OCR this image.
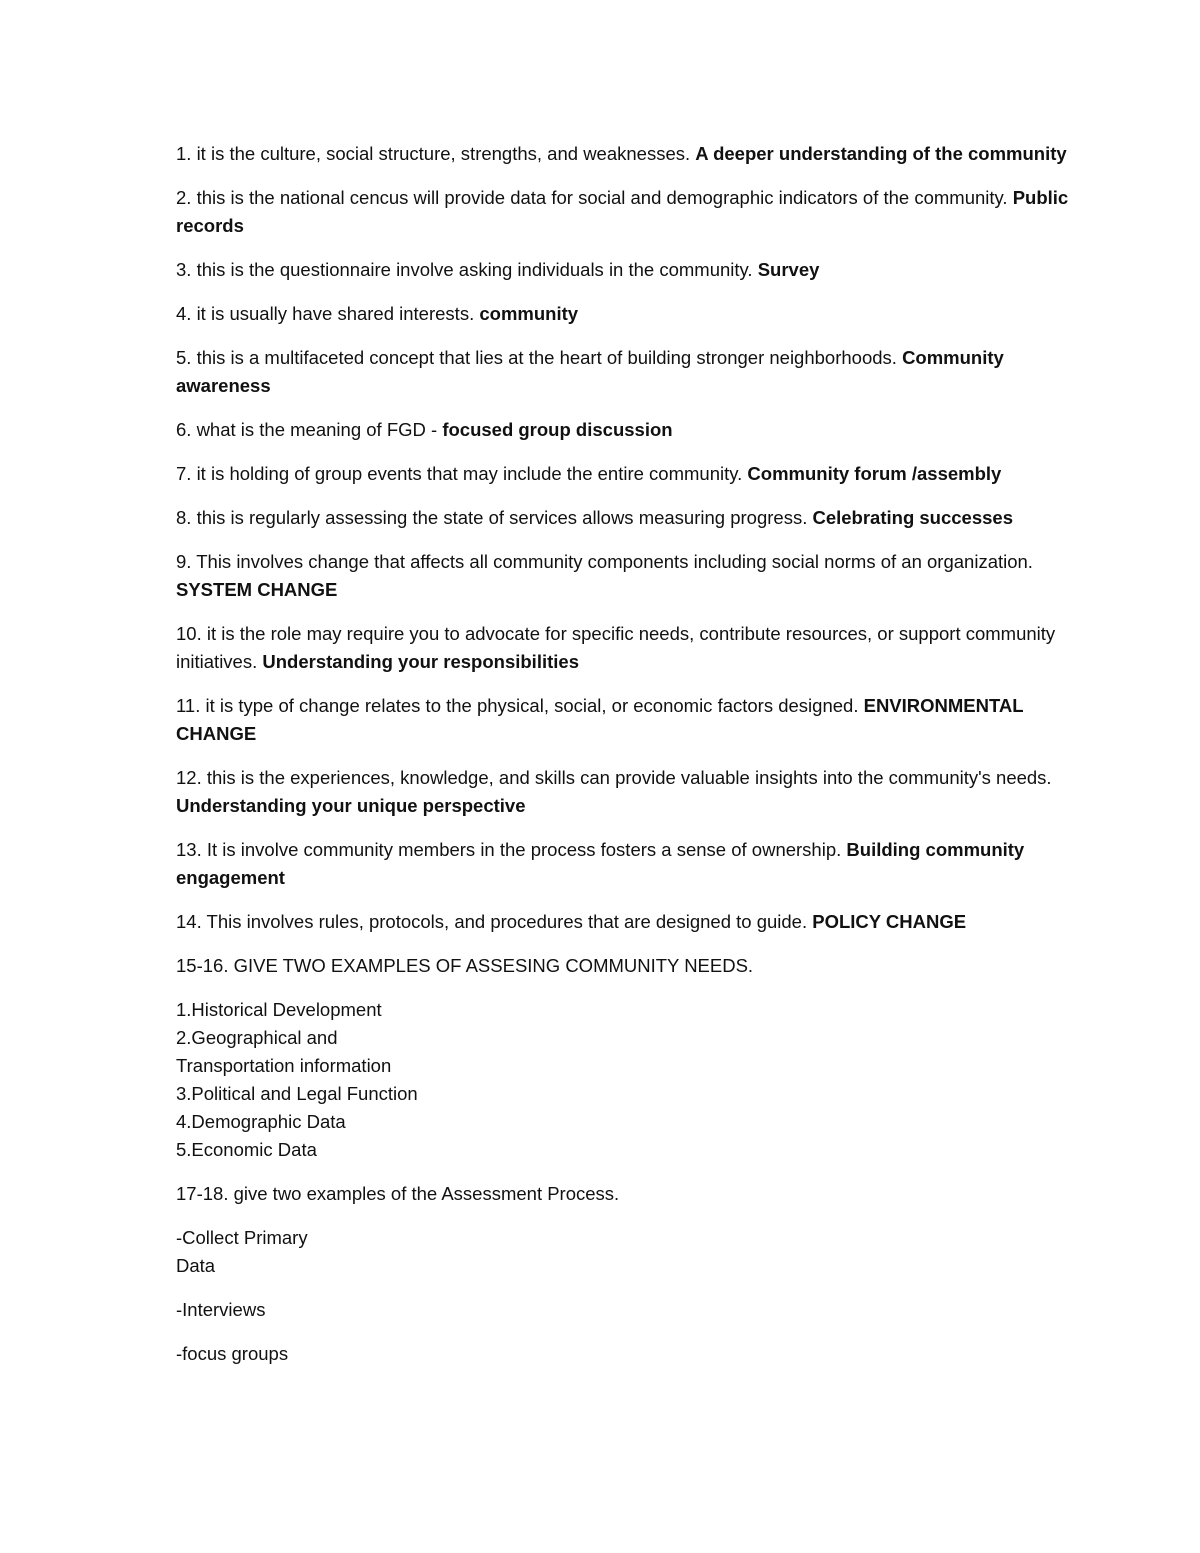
1. it is the culture, social structure, strengths, and weaknesses. A deeper understanding of the community
2. this is the national cencus will provide data for social and demographic indicators of the community. Public records
3. this is the questionnaire involve asking individuals in the community. Survey
4. it is usually have shared interests. community
5. this is a multifaceted concept that lies at the heart of building stronger neighborhoods. Community awareness
6. what is the meaning of FGD - focused group discussion
7. it is holding of group events that may include the entire community. Community forum /assembly
8. this is regularly assessing the state of services allows measuring progress. Celebrating successes
9. This involves change that affects all community components including social norms of an organization. SYSTEM CHANGE
10. it is the role may require you to advocate for specific needs, contribute resources, or support community initiatives. Understanding your responsibilities
11. it is type of change relates to the physical, social, or economic factors designed. ENVIRONMENTAL CHANGE
12. this is the experiences, knowledge, and skills can provide valuable insights into the community's needs. Understanding your unique perspective
13. It is involve community members in the process fosters a sense of ownership. Building community engagement
14. This involves rules, protocols, and procedures that are designed to guide. POLICY CHANGE
15-16. GIVE TWO EXAMPLES OF ASSESING COMMUNITY NEEDS.
1.Historical Development
2.Geographical and
Transportation information
3.Political and Legal Function
4.Demographic Data
5.Economic Data
17-18. give two examples of the Assessment Process.
-Collect Primary
Data
-Interviews
-focus groups
